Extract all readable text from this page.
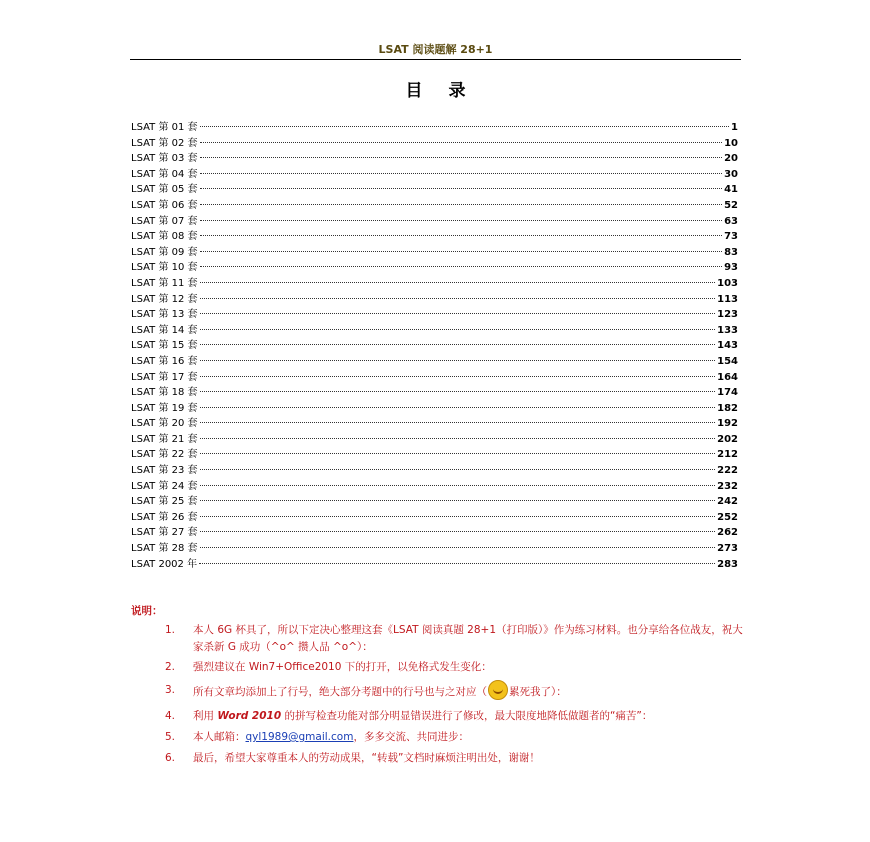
LSAT 阅读题解 28+1
目录
LSAT 第 01 套	1
LSAT 第 02 套	10
LSAT 第 03 套	20
LSAT 第 04 套	30
LSAT 第 05 套	41
LSAT 第 06 套	52
LSAT 第 07 套	63
LSAT 第 08 套	73
LSAT 第 09 套	83
LSAT 第 10 套	93
LSAT 第 11 套	103
LSAT 第 12 套	113
LSAT 第 13 套	123
LSAT 第 14 套	133
LSAT 第 15 套	143
LSAT 第 16 套	154
LSAT 第 17 套	164
LSAT 第 18 套	174
LSAT 第 19 套	182
LSAT 第 20 套	192
LSAT 第 21 套	202
LSAT 第 22 套	212
LSAT 第 23 套	222
LSAT 第 24 套	232
LSAT 第 25 套	242
LSAT 第 26 套	252
LSAT 第 27 套	262
LSAT 第 28 套	273
LSAT 2002 年	283
说明：
1.	本人 6G 杯具了，所以下定决心整理这套《LSAT 阅读真题 28+1（打印版）》作为练习材料。也分享给各位战友，祝大家杀新 G 成功（^o^ 攒人品 ^o^）：
2.	强烈建议在 Win7+Office2010 下的打开，以免格式发生变化：
3.	所有文章均添加上了行号，绝大部分考题中的行号也与之对应（ 累死我了）：
4.	利用 Word 2010 的拼写检查功能对部分明显错误进行了修改，最大限度地降低做题者的“痛苦”：
5.	本人邮箱：qyl1989@gmail.com，多多交流、共同进步：
6.	最后，希望大家尊重本人的劳动成果，“转载”文档时麻烦注明出处，谢谢！
